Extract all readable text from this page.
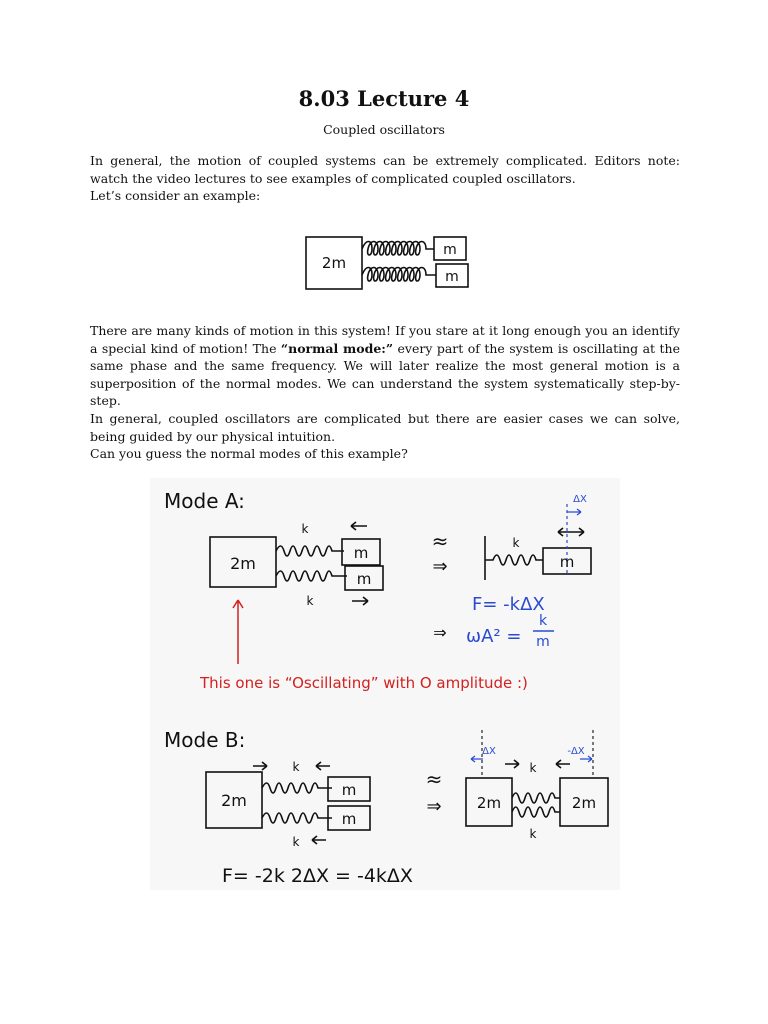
8.03 Lecture 4
Coupled oscillators

In general, the motion of coupled systems can be extremely complicated. Editors note: watch the video lectures to see examples of complicated coupled oscillators.

Let’s consider an example:

2m
m
m

There are many kinds of motion in this system! If you stare at it long enough you an identify a special kind of motion! The “normal mode:” every part of the system is oscillating at the same phase and the same frequency. We will later realize the most general motion is a superposition of the normal modes. We can understand the system systematically step-by-step.

In general, coupled oscillators are complicated but there are easier cases we can solve, being guided by our physical intuition.

Can you guess the normal modes of this example?

Mode A:
2m
m
m
k
k
≈
⇒
k
m
ΔX
F= -kΔX
⇒ ωA² =
k
m
This one is “Oscillating” with O amplitude :)
Mode B:
2m
m
m
k
k
≈
⇒
ΔX	-ΔX
2m	2m
k
k
F= -2k 2ΔX = -4kΔX
